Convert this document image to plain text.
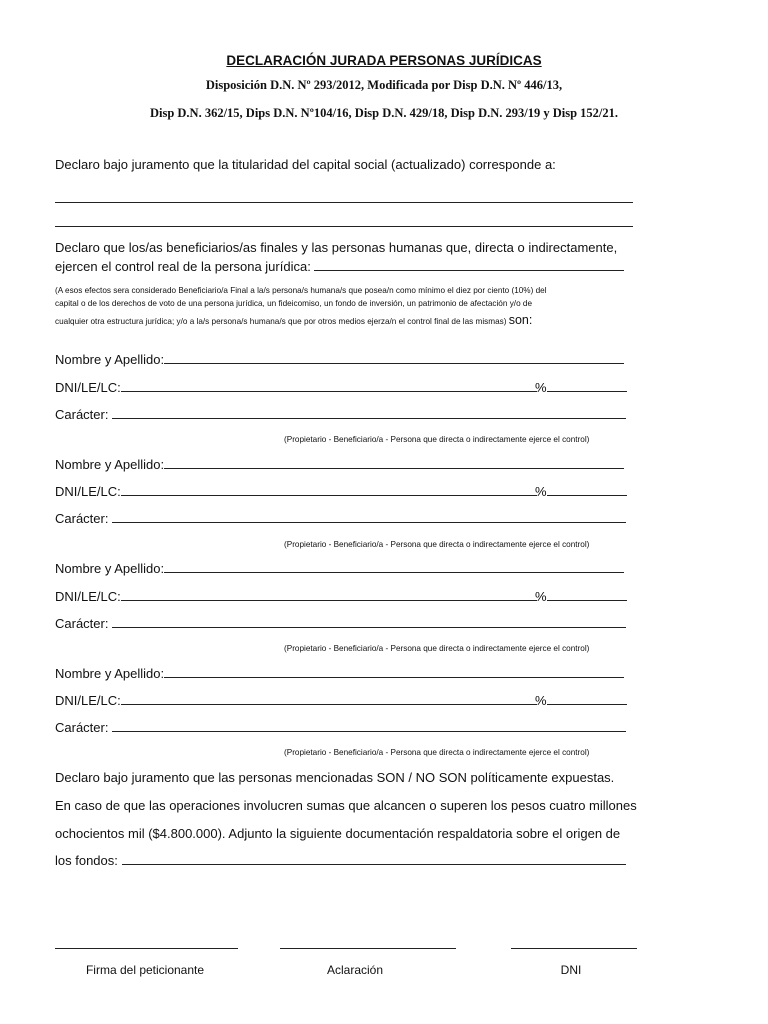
DECLARACIÓN JURADA PERSONAS JURÍDICAS
Disposición D.N. Nº 293/2012, Modificada por Disp D.N. Nº 446/13,
Disp D.N. 362/15, Dips D.N. Nº104/16, Disp D.N. 429/18, Disp D.N. 293/19 y Disp 152/21.
Declaro bajo juramento que la titularidad del capital social (actualizado) corresponde a:
Declaro que los/as beneficiarios/as finales y las personas humanas que, directa o indirectamente,
ejercen el control real de la persona jurídica:
(A esos efectos sera considerado Beneficiario/a Final a la/s persona/s humana/s que posea/n como mínimo el diez por ciento (10%) del
capital o de los derechos de voto de una persona jurídica, un fideicomiso, un fondo de inversión, un patrimonio de afectación y/o de
cualquier otra estructura jurídica; y/o a la/s persona/s humana/s que por otros medios ejerza/n el control final de las mismas) son:
Nombre y Apellido:
DNI/LE/LC:	%
Carácter:
(Propietario - Beneficiario/a - Persona que directa o indirectamente ejerce el control)
Nombre y Apellido:
DNI/LE/LC:	%
Carácter:
(Propietario - Beneficiario/a - Persona que directa o indirectamente ejerce el control)
Nombre y Apellido:
DNI/LE/LC:	%
Carácter:
(Propietario - Beneficiario/a - Persona que directa o indirectamente ejerce el control)
Nombre y Apellido:
DNI/LE/LC:	%
Carácter:
(Propietario - Beneficiario/a - Persona que directa o indirectamente ejerce el control)
Declaro bajo juramento que las personas mencionadas SON / NO SON políticamente expuestas.
En caso de que las operaciones involucren sumas que alcancen o superen los pesos cuatro millones
ochocientos mil ($4.800.000). Adjunto la siguiente documentación respaldatoria sobre el origen de
los fondos:
Firma del peticionante	Aclaración	DNI
